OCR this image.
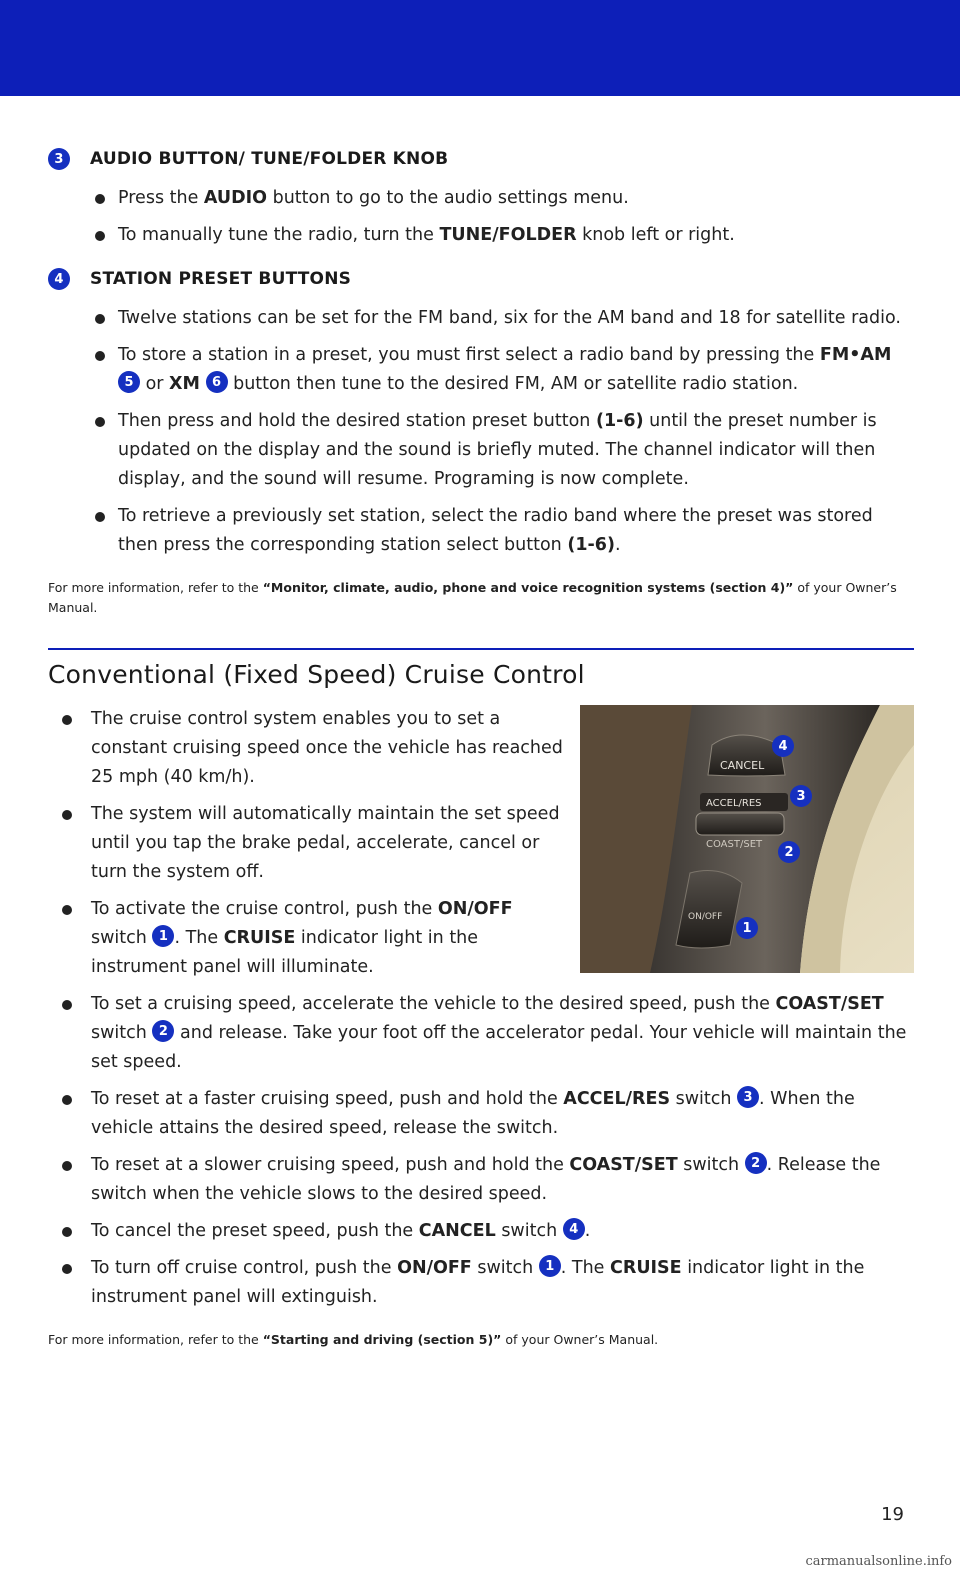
3	AUDIO BUTTON/ TUNE/FOLDER KNOB
Press the AUDIO button to go to the audio settings menu.
To manually tune the radio, turn the TUNE/FOLDER knob left or right.
4	STATION PRESET BUTTONS
Twelve stations can be set for the FM band, six for the AM band and 18 for satellite radio.
To store a station in a preset, you must first select a radio band by pressing the FM•AM 5 or XM 6 button then tune to the desired FM, AM or satellite radio station.
Then press and hold the desired station preset button (1-6) until the preset number is updated on the display and the sound is briefly muted. The channel indicator will then display, and the sound will resume. Programing is now complete.
To retrieve a previously set station, select the radio band where the preset was stored then press the corresponding station select button (1-6).

For more information, refer to the “Monitor, climate, audio, phone and voice recognition systems (section 4)” of your Owner’s Manual.

Conventional (Fixed Speed) Cruise Control
CANCEL
ACCEL/RES
COAST/SET
ON/OFF
4
3
2
1
The cruise control system enables you to set a constant cruising speed once the vehicle has reached 25 mph (40 km/h).
The system will automatically maintain the set speed until you tap the brake pedal, accelerate, cancel or turn the system off.
To activate the cruise control, push the ON/OFF switch 1 . The CRUISE indicator light in the instrument panel will illuminate.
To set a cruising speed, accelerate the vehicle to the desired speed, push the COAST/SET switch 2 and release. Take your foot off the accelerator pedal. Your vehicle will maintain the set speed.
To reset at a faster cruising speed, push and hold the ACCEL/RES switch 3 . When the vehicle attains the desired speed, release the switch.
To reset at a slower cruising speed, push and hold the COAST/SET switch 2 . Release the switch when the vehicle slows to the desired speed.
To cancel the preset speed, push the CANCEL switch 4 .
To turn off cruise control, push the ON/OFF switch 1 . The CRUISE indicator light in the instrument panel will extinguish.

For more information, refer to the “Starting and driving (section 5)” of your Owner’s Manual.

19
carmanualsonline.info
